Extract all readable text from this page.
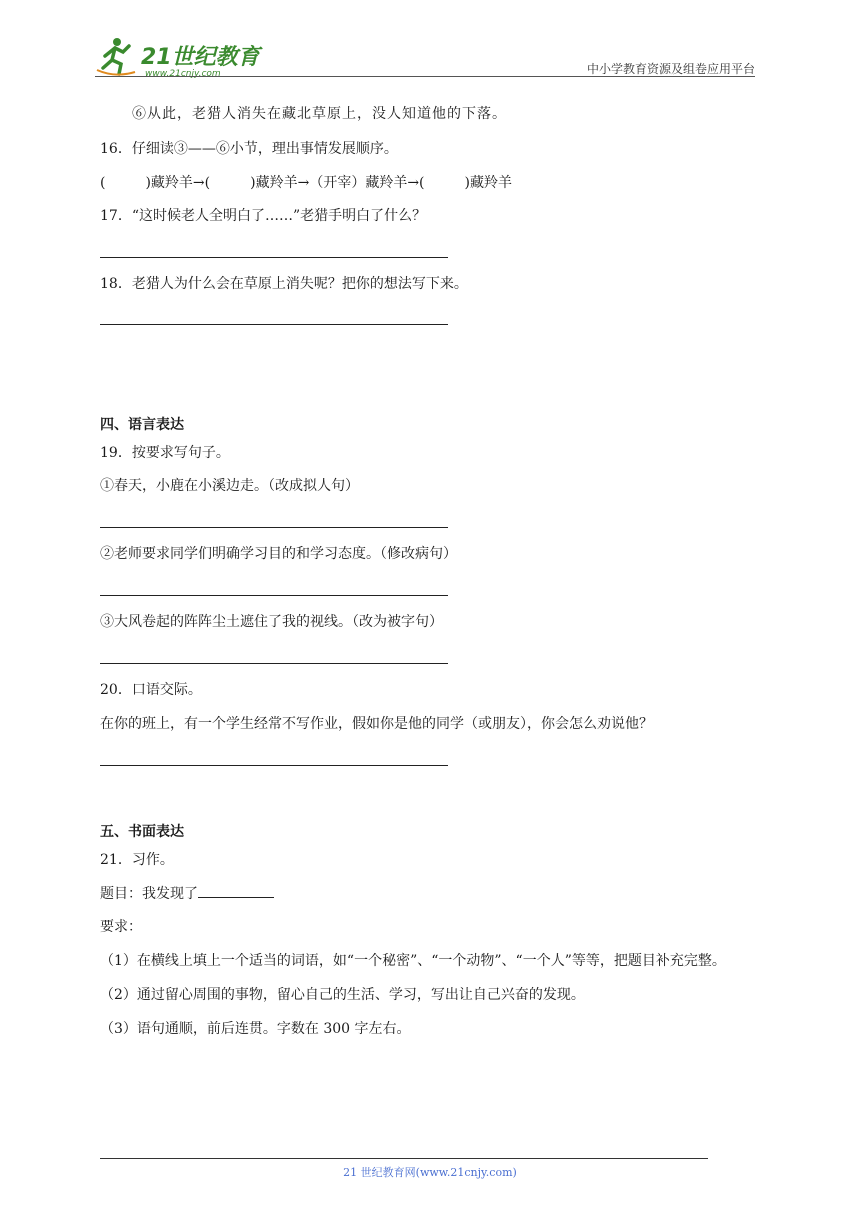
21世纪教育
www.21cnjy.com	中小学教育资源及组卷应用平台
⑥从此，老猎人消失在藏北草原上，没人知道他的下落。
16．仔细读③——⑥小节，理出事情发展顺序。
(	)藏羚羊→(	)藏羚羊→（开宰）藏羚羊→(	)藏羚羊
17．“这时候老人全明白了……”老猎手明白了什么？
18．老猎人为什么会在草原上消失呢？把你的想法写下来。
四、语言表达
19．按要求写句子。
①春天，小鹿在小溪边走。（改成拟人句）
②老师要求同学们明确学习目的和学习态度。（修改病句）
③大风卷起的阵阵尘土遮住了我的视线。（改为被字句）
20．口语交际。
在你的班上，有一个学生经常不写作业，假如你是他的同学（或朋友），你会怎么劝说他？
五、书面表达
21．习作。
题目：我发现了
要求：
（1）在横线上填上一个适当的词语，如“一个秘密”、“一个动物”、“一个人”等等，把题目补充完整。
（2）通过留心周围的事物，留心自己的生活、学习，写出让自己兴奋的发现。
（3）语句通顺，前后连贯。字数在 300 字左右。
21 世纪教育网(www.21cnjy.com)
